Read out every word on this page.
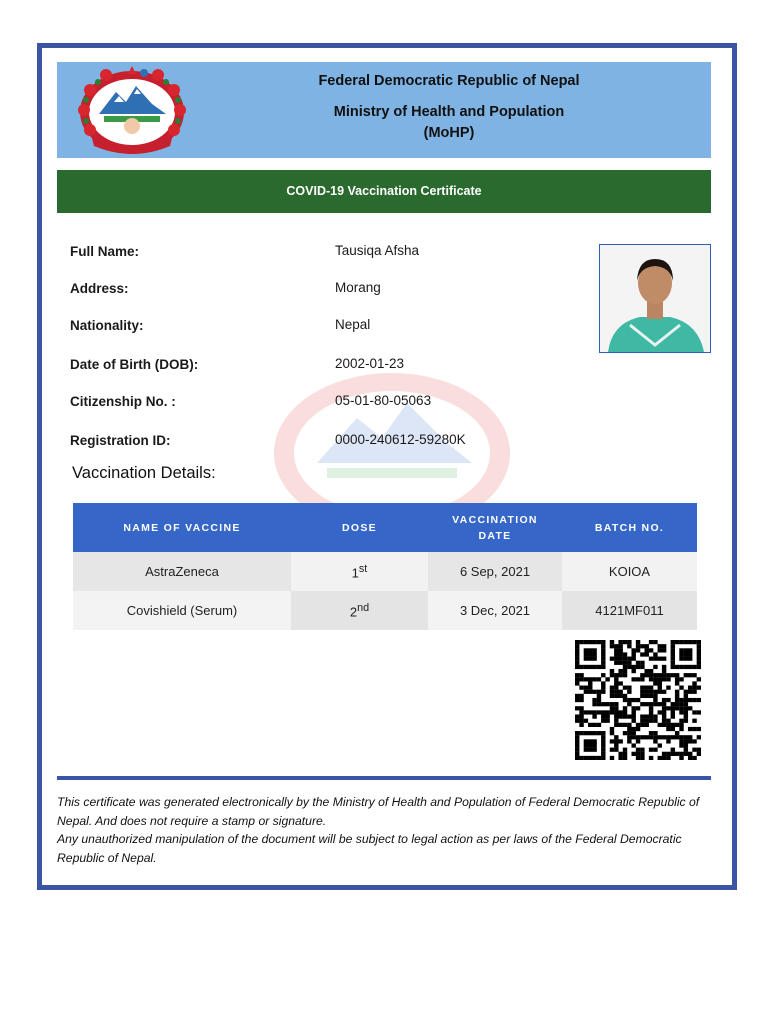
Federal Democratic Republic of Nepal
Ministry of Health and Population
(MoHP)
COVID-19 Vaccination Certificate
Full Name:	Tausiqa Afsha
Address:	Morang
Nationality:	Nepal
Date of Birth (DOB):	2002-01-23
Citizenship No. :	05-01-80-05063
Registration ID:	0000-240612-59280K
Vaccination Details:
NAME OF VACCINE	DOSE	VACCINATION DATE	BATCH NO.
AstraZeneca	1st	6 Sep, 2021	KOIOA
Covishield (Serum)	2nd	3 Dec, 2021	4121MF011

This certificate was generated electronically by the Ministry of Health and Population of Federal Democratic Republic of Nepal. And does not require a stamp or signature.

Any unauthorized manipulation of the document will be subject to legal action as per laws of the Federal Democratic Republic of Nepal.
